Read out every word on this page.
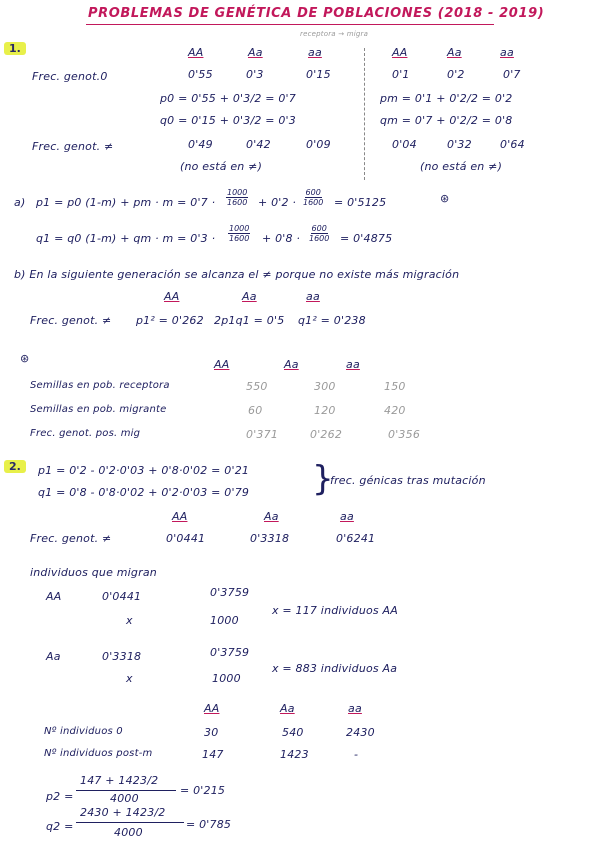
PROBLEMAS DE GENÉTICA DE POBLACIONES (2018 - 2019)
receptora → migra
1.	AA	Aa	aa	AA	Aa	aa
Frec. genot.0	0'55	0'3	0'15	0'1	0'2	0'7
p0 = 0'55 + 0'3/2 = 0'7
q0 = 0'15 + 0'3/2 = 0'3
pm = 0'1 + 0'2/2 = 0'2
qm = 0'7 + 0'2/2 = 0'8
Frec. genot. ≠	0'49	0'42	0'09	0'04	0'32	0'64
(no está en ≠)	(no está en ≠)
a) p1 = p0 (1-m) + pm · $m = 0'7 \cdot \frac{1000}{1600} + 0'2 \cdot \frac{600}{1600} = 0'5125$	⊛
q1 = q0 (1-m) + qm · $m = 0'3 \cdot \frac{1000}{1600} + 0'8 \cdot \frac{600}{1600} = 0'4875$
b) En la siguiente generación se alcanza el ≠ porque no existe más migración
AA	Aa	aa
Frec. genot. ≠ p1² = 0'262 2p1q1 = 0'5 q1² = 0'238
⊛	AA	Aa	aa
Semillas en pob. receptora	550	300	150
Semillas en pob. migrante	60	120	420
Frec. genot. pos. mig	0'371	0'262	0'356
2.	p1 = 0'2 - 0'2·0'03 + 0'8·0'02 = 0'21
q1 = 0'8 - 0'8·0'02 + 0'2·0'03 = 0'79 }
frec. génicas tras mutación
AA	Aa	aa
Frec. genot. ≠	0'0441	0'3318	0'6241
individuos que migran
AA	0'0441	0'3759
x	1000
x = 117 individuos AA
Aa	0'3318	0'3759
x	1000
x = 883 individuos Aa
AA	Aa	aa
Nº individuos 0	30	540	2430
Nº individuos post-m	147	1423	-
p2 =
147 + 1423/2
4000
= 0'215
q2 =
2430 + 1423/2
4000
= 0'785
